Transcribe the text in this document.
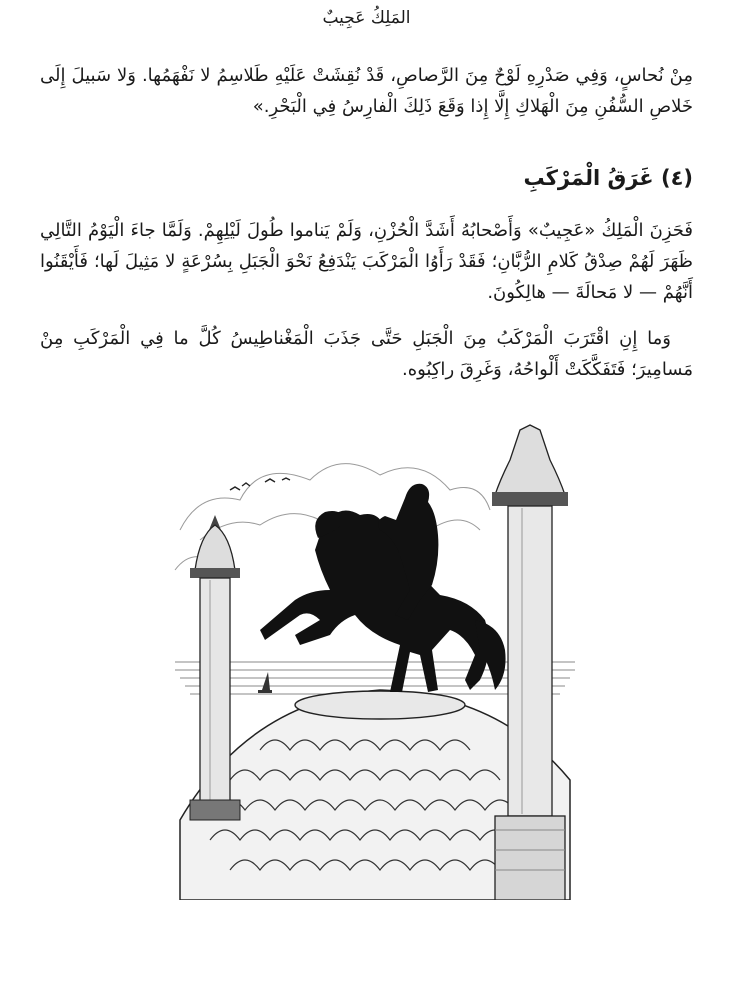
المَلِكُ عَجِيبٌ

مِنْ نُحاسٍ، وَفِي صَدْرِهِ لَوْحٌ مِنَ الرَّصاصِ، قَدْ نُقِشَتْ عَلَيْهِ طَلاسِمُ لا نَفْهَمُها. وَلا سَبيلَ إِلَى خَلاصِ السُّفُنِ مِنَ الْهَلاكِ إِلَّا إِذا وَقَعَ ذَلِكَ الْفارِسُ فِي الْبَحْرِ.»

(٤) غَرَقُ الْمَرْكَبِ

فَحَزِنَ الْمَلِكُ «عَجِيبٌ» وَأَصْحابُهُ أَشَدَّ الْحُزْنِ، وَلَمْ يَناموا طُولَ لَيْلِهِمْ. وَلَمَّا جاءَ الْيَوْمُ التَّالِي ظَهَرَ لَهُمْ صِدْقُ كَلامِ الرُّبَّانِ؛ فَقَدْ رَأَوُا الْمَرْكَبَ يَنْدَفِعُ نَحْوَ الْجَبَلِ بِسُرْعَةٍ لا مَثِيلَ لَها؛ فَأَيْقَنُوا أَنَّهُمْ — لا مَحالَةَ — هالِكُونَ.

وَما إِنِ اقْتَرَبَ الْمَرْكَبُ مِنَ الْجَبَلِ حَتَّى جَذَبَ الْمَغْناطِيسُ كُلَّ ما فِي الْمَرْكَبِ مِنْ مَسامِيرَ؛ فَتَفَكَّكَتْ أَلْواحُهُ، وَغَرِقَ راكِبُوه.
